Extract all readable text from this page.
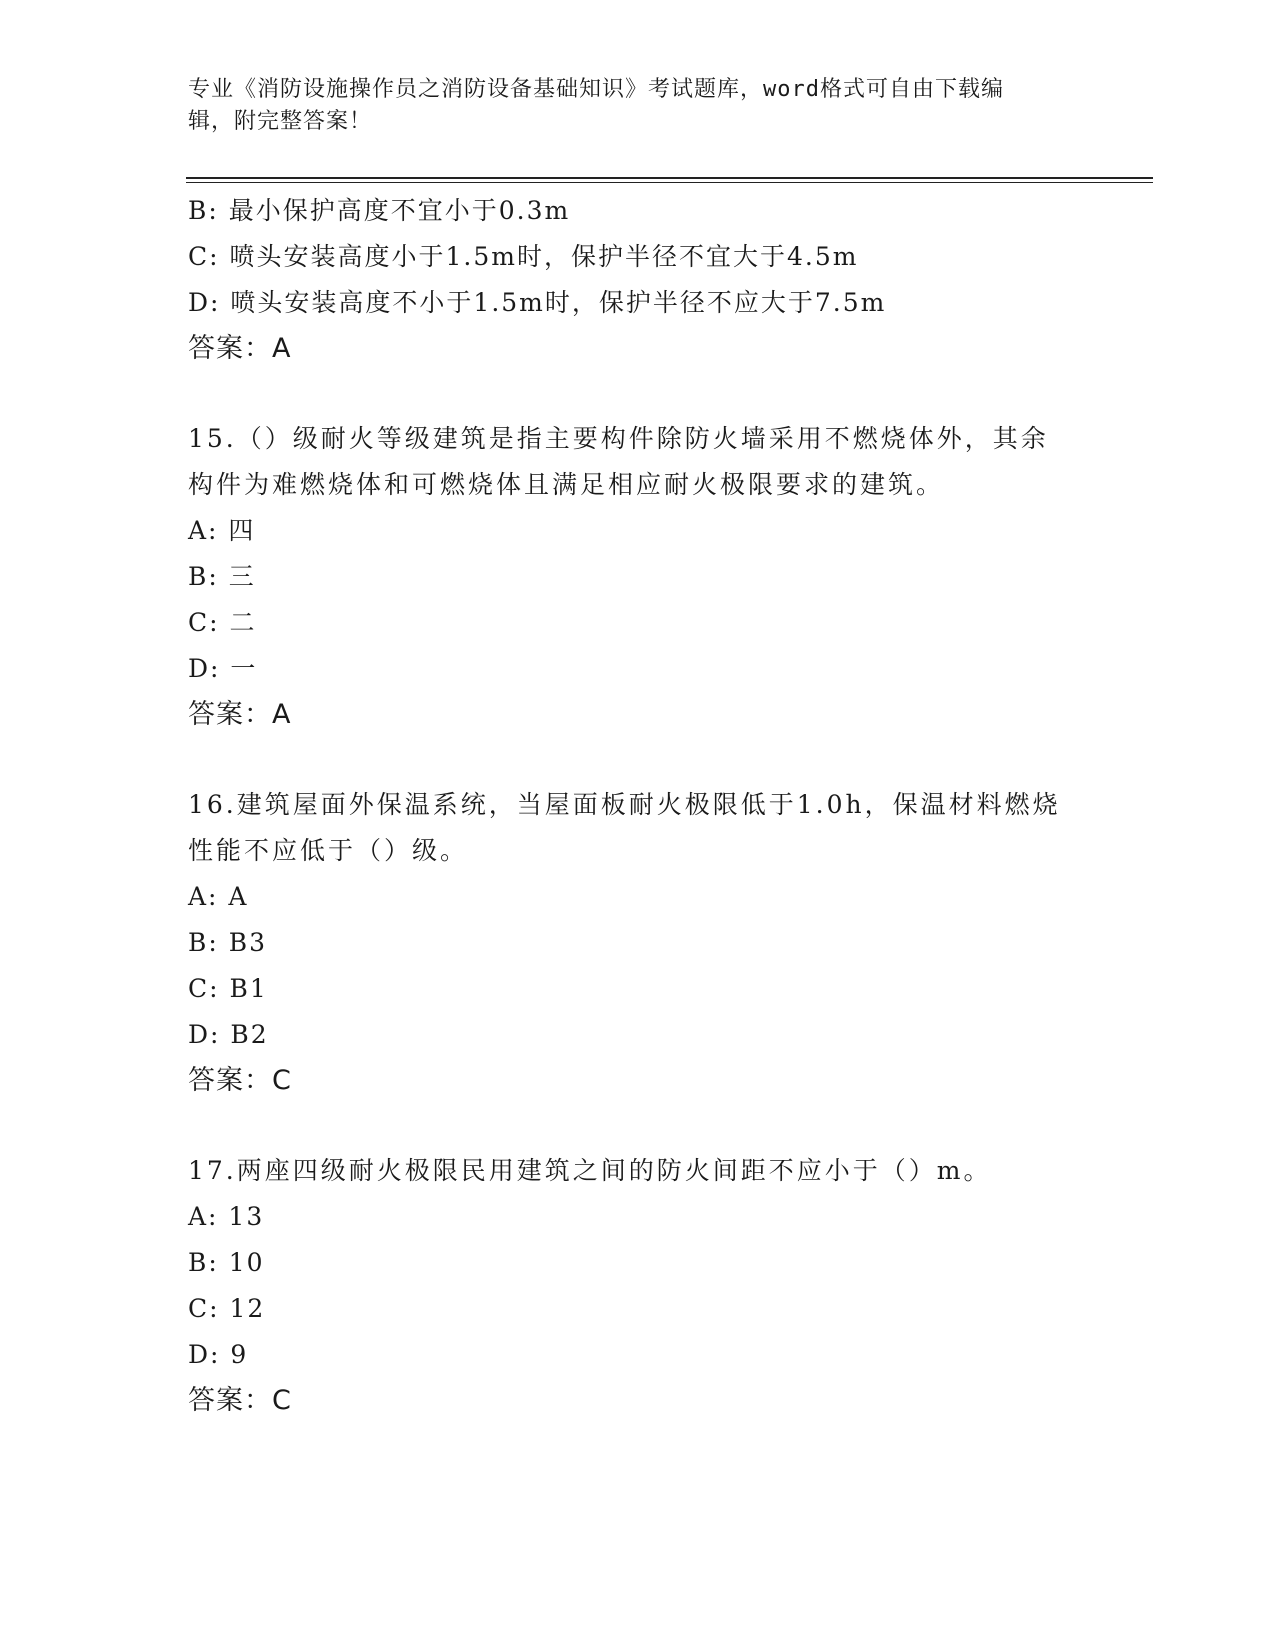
专业《消防设施操作员之消防设备基础知识》考试题库，word格式可自由下载编
辑，附完整答案！
B: 最小保护高度不宜小于0.3m
C: 喷头安装高度小于1.5m时，保护半径不宜大于4.5m
D: 喷头安装高度不小于1.5m时，保护半径不应大于7.5m
答案：A
15.（）级耐火等级建筑是指主要构件除防火墙采用不燃烧体外，其余
构件为难燃烧体和可燃烧体且满足相应耐火极限要求的建筑。
A: 四
B: 三
C: 二
D: 一
答案：A
16.建筑屋面外保温系统，当屋面板耐火极限低于1.0h，保温材料燃烧
性能不应低于（）级。
A: A
B: B3
C: B1
D: B2
答案：C
17.两座四级耐火极限民用建筑之间的防火间距不应小于（）m。
A: 13
B: 10
C: 12
D: 9
答案：C
